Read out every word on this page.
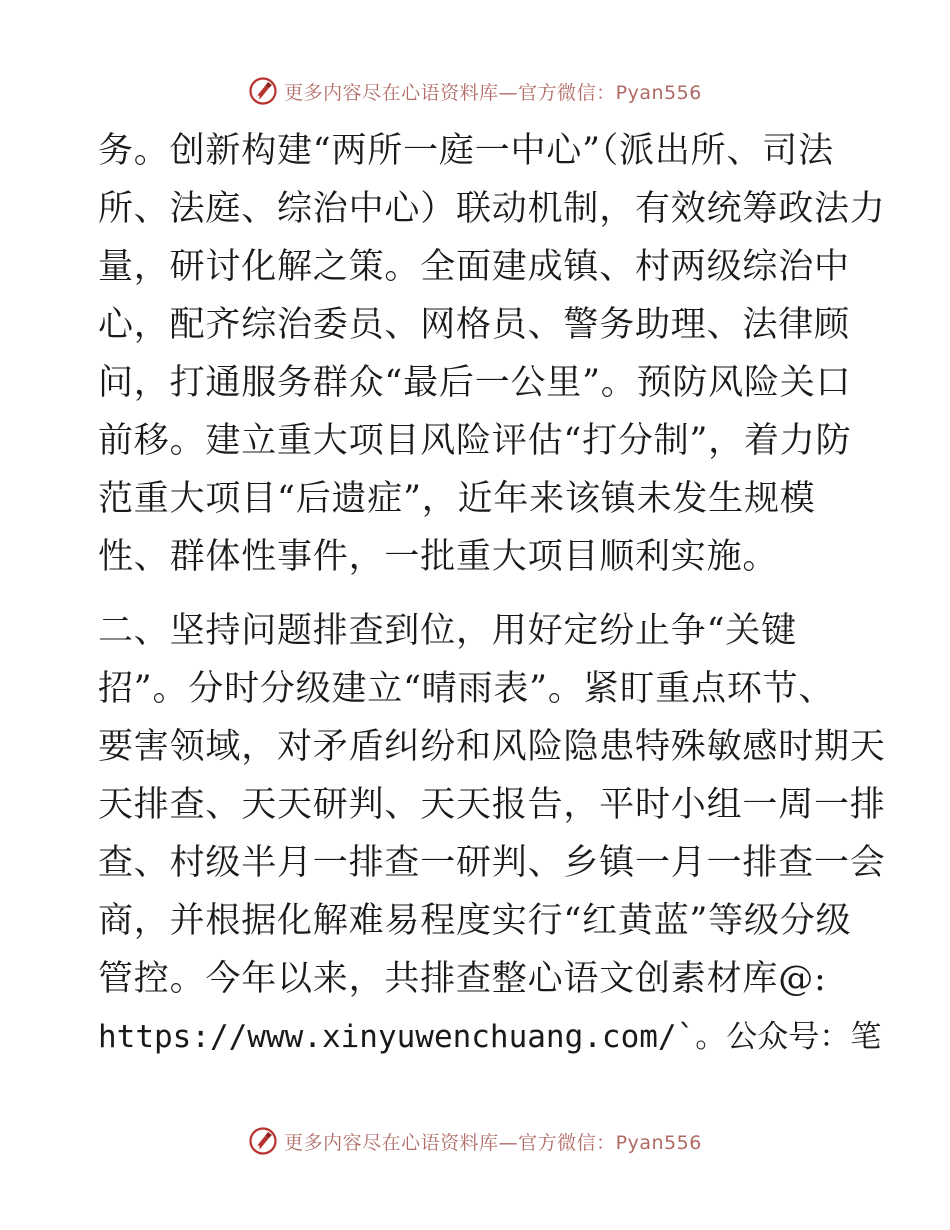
更多内容尽在心语资料库—官方微信：Pyan556
务。创新构建“两所一庭一中心”（派出所、司法
所、法庭、综治中心）联动机制，有效统筹政法力
量，研讨化解之策。全面建成镇、村两级综治中
心，配齐综治委员、网格员、警务助理、法律顾
问，打通服务群众“最后一公里”。预防风险关口
前移。建立重大项目风险评估“打分制”，着力防
范重大项目“后遗症”，近年来该镇未发生规模
性、群体性事件，一批重大项目顺利实施。
二、坚持问题排查到位，用好定纷止争“关键
招”。分时分级建立“晴雨表”。紧盯重点环节、
要害领域，对矛盾纠纷和风险隐患特殊敏感时期天
天排查、天天研判、天天报告，平时小组一周一排
查、村级半月一排查一研判、乡镇一月一排查一会
商，并根据化解难易程度实行“红黄蓝”等级分级
管控。今年以来，共排查整心语文创素材库@:
https://www.xinyuwenchuang.com/`。公众号：笔
更多内容尽在心语资料库—官方微信：Pyan556
